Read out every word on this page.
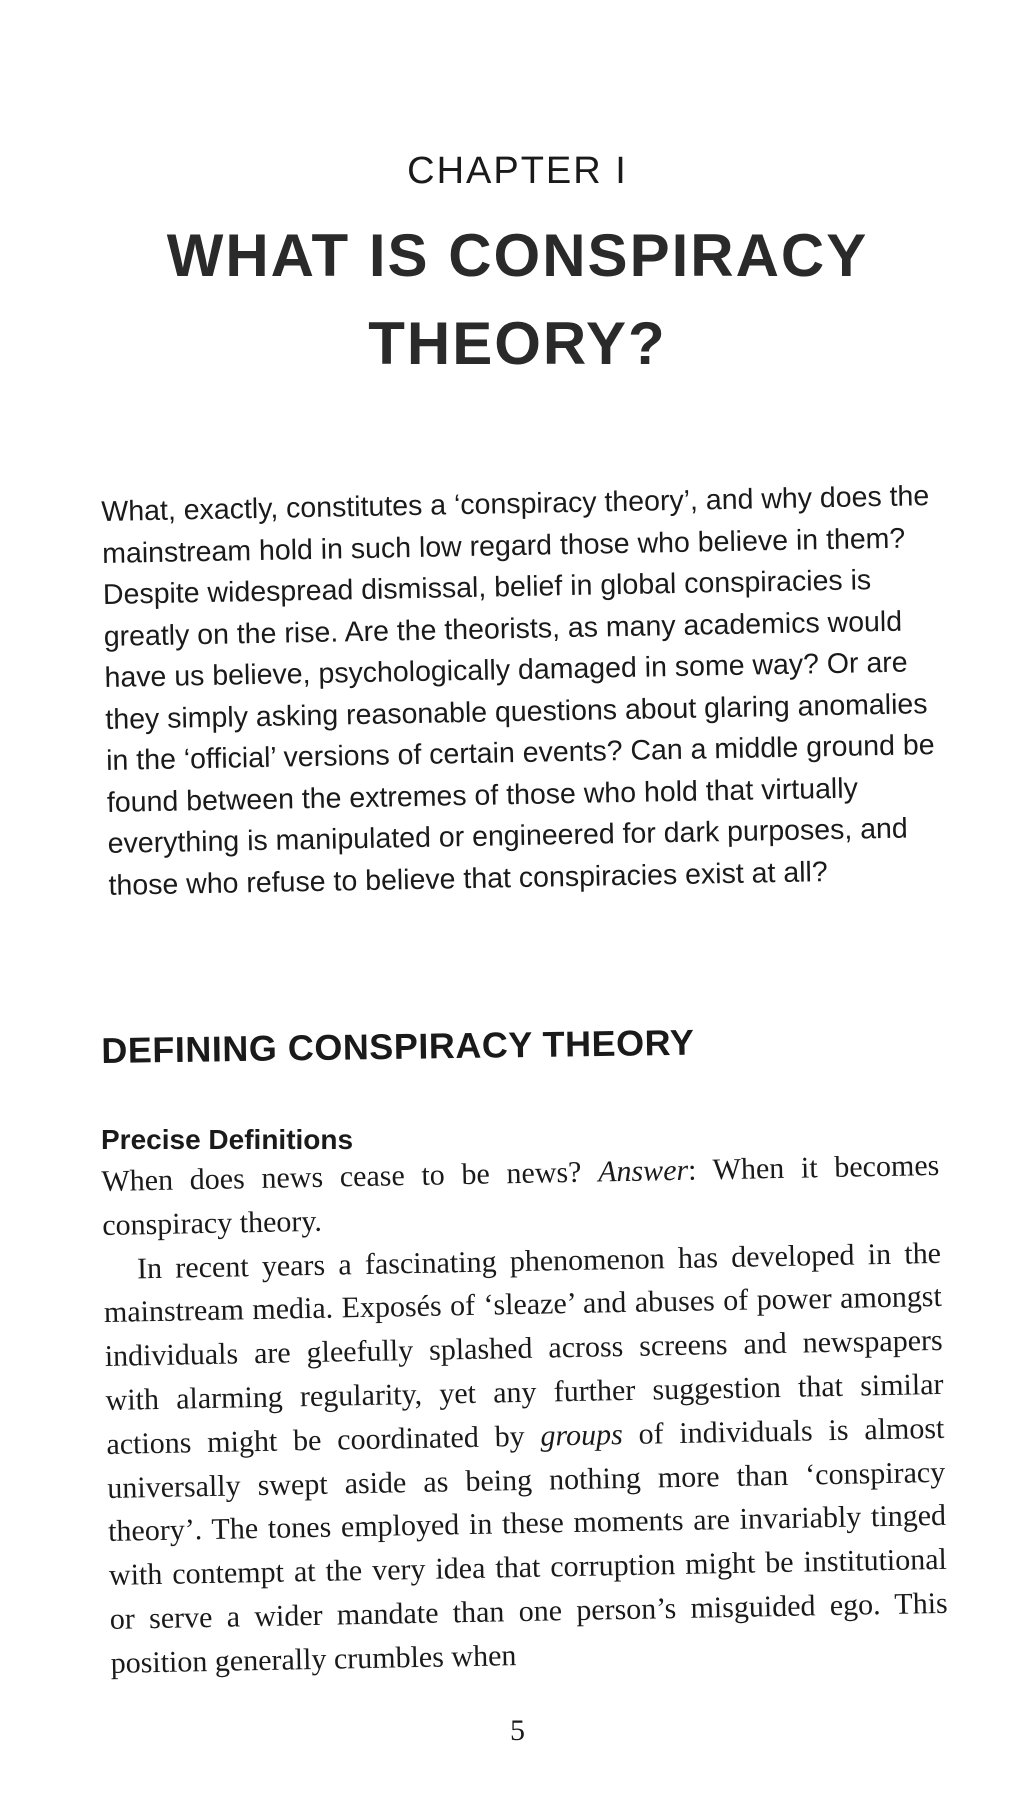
CHAPTER I
WHAT IS CONSPIRACY THEORY?
What, exactly, constitutes a ‘conspiracy theory’, and why does the mainstream hold in such low regard those who believe in them? Despite widespread dismissal, belief in global conspiracies is greatly on the rise. Are the theorists, as many academics would have us believe, psychologically damaged in some way? Or are they simply asking reasonable questions about glaring anomalies in the ‘official’ versions of certain events? Can a middle ground be found between the extremes of those who hold that virtually everything is manipulated or engineered for dark purposes, and those who refuse to believe that conspiracies exist at all?
DEFINING CONSPIRACY THEORY
Precise Definitions

When does news cease to be news? Answer: When it becomes conspiracy theory.

In recent years a fascinating phenomenon has developed in the mainstream media. Exposés of ‘sleaze’ and abuses of power amongst individuals are gleefully splashed across screens and newspapers with alarming regularity, yet any further suggestion that similar actions might be coordinated by groups of individuals is almost universally swept aside as being nothing more than ‘conspiracy theory’. The tones employed in these moments are invariably tinged with contempt at the very idea that corruption might be institutional or serve a wider mandate than one person’s misguided ego. This position generally crumbles when

5
